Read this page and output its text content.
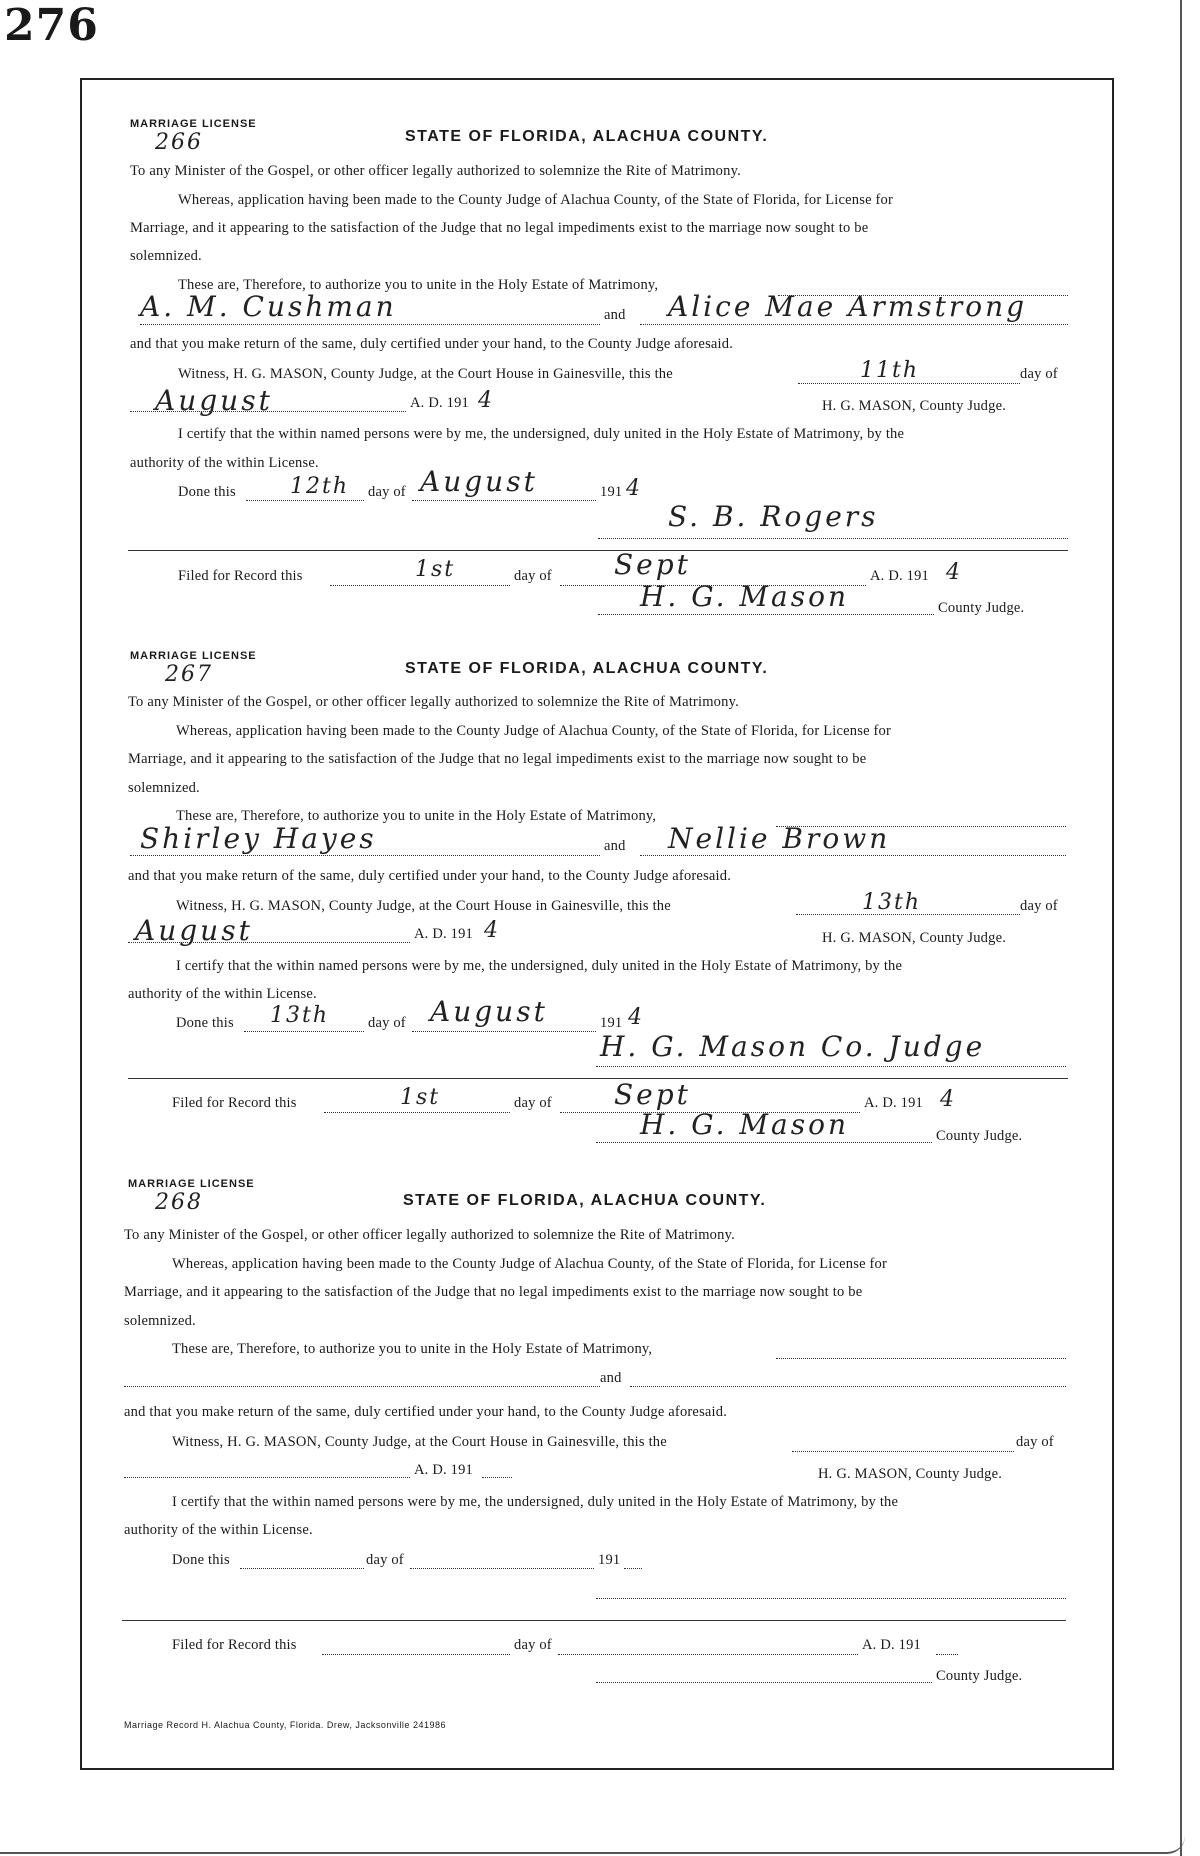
276
MARRIAGE LICENSE
266	STATE OF FLORIDA, ALACHUA COUNTY.
To any Minister of the Gospel, or other officer legally authorized to solemnize the Rite of Matrimony.
Whereas, application having been made to the County Judge of Alachua County, of the State of Florida, for License for
Marriage, and it appearing to the satisfaction of the Judge that no legal impediments exist to the marriage now sought to be
solemnized.
These are, Therefore, to authorize you to unite in the Holy Estate of Matrimony,
A. M. Cushman	and Alice Mae Armstrong
and that you make return of the same, duly certified under your hand, to the County Judge aforesaid.
Witness, H. G. MASON, County Judge, at the Court House in Gainesville, this the	11th	day of
August	A. D. 191 4	H. G. MASON, County Judge.
I certify that the within named persons were by me, the undersigned, duly united in the Holy Estate of Matrimony, by the
authority of the within License.
Done this 12th day of August	191 4
S. B. Rogers
Filed for Record this	1st	day of Sept	A. D. 191 4
H. G. Mason	County Judge.
MARRIAGE LICENSE
267	STATE OF FLORIDA, ALACHUA COUNTY.
To any Minister of the Gospel, or other officer legally authorized to solemnize the Rite of Matrimony.
Whereas, application having been made to the County Judge of Alachua County, of the State of Florida, for License for
Marriage, and it appearing to the satisfaction of the Judge that no legal impediments exist to the marriage now sought to be
solemnized.
These are, Therefore, to authorize you to unite in the Holy Estate of Matrimony,
Shirley Hayes	and Nellie Brown
and that you make return of the same, duly certified under your hand, to the County Judge aforesaid.
Witness, H. G. MASON, County Judge, at the Court House in Gainesville, this the	13th	day of
August	A. D. 191 4	H. G. MASON, County Judge.
I certify that the within named persons were by me, the undersigned, duly united in the Holy Estate of Matrimony, by the
authority of the within License.
Done this 13th	day of August	191 4
H. G. Mason Co. Judge
Filed for Record this	1st	day of Sept	A. D. 191 4
H. G. Mason	County Judge.
MARRIAGE LICENSE
268	STATE OF FLORIDA, ALACHUA COUNTY.
To any Minister of the Gospel, or other officer legally authorized to solemnize the Rite of Matrimony.
Whereas, application having been made to the County Judge of Alachua County, of the State of Florida, for License for
Marriage, and it appearing to the satisfaction of the Judge that no legal impediments exist to the marriage now sought to be
solemnized.
These are, Therefore, to authorize you to unite in the Holy Estate of Matrimony,
and
and that you make return of the same, duly certified under your hand, to the County Judge aforesaid.
Witness, H. G. MASON, County Judge, at the Court House in Gainesville, this the	day of
A. D. 191	H. G. MASON, County Judge.
I certify that the within named persons were by me, the undersigned, duly united in the Holy Estate of Matrimony, by the
authority of the within License.
Done this	day of	191
Filed for Record this	day of	A. D. 191
County Judge.
Marriage Record H. Alachua County, Florida. Drew, Jacksonville 241986
